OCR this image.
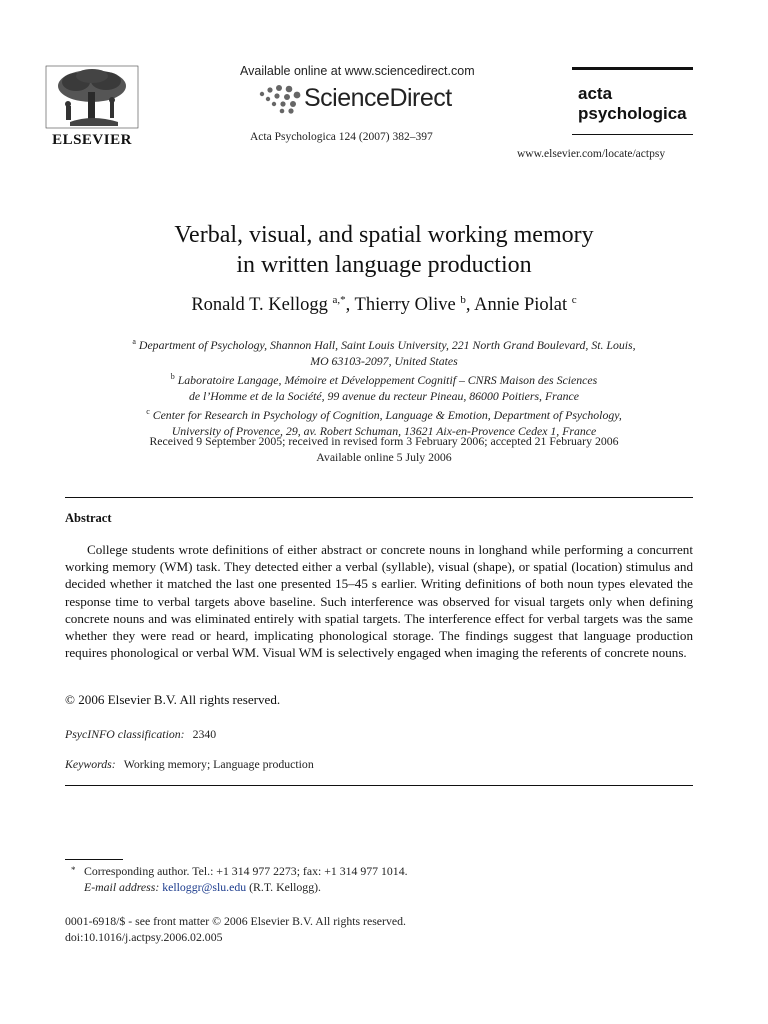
ELSEVIER
Available online at www.sciencedirect.com
ScienceDirect
Acta Psychologica 124 (2007) 382–397
acta
psychologica
www.elsevier.com/locate/actpsy
Verbal, visual, and spatial working memory
in written language production
Ronald T. Kellogg $^{a,*}$, Thierry Olive $^b$, Annie Piolat $^c$
$^a$ Department of Psychology, Shannon Hall, Saint Louis University, 221 North Grand Boulevard, St. Louis,
MO 63103-2097, United States
$^b$ Laboratoire Langage, Mémoire et Développement Cognitif – CNRS Maison des Sciences
de l’Homme et de la Société, 99 avenue du recteur Pineau, 86000 Poitiers, France
$^c$ Center for Research in Psychology of Cognition, Language & Emotion, Department of Psychology,
University of Provence, 29, av. Robert Schuman, 13621 Aix-en-Provence Cedex 1, France
Received 9 September 2005; received in revised form 3 February 2006; accepted 21 February 2006
Available online 5 July 2006
Abstract

College students wrote definitions of either abstract or concrete nouns in longhand while performing a concurrent working memory (WM) task. They detected either a verbal (syllable), visual (shape), or spatial (location) stimulus and decided whether it matched the last one presented 15–45 s earlier. Writing definitions of both noun types elevated the response time to verbal targets above baseline. Such interference was observed for visual targets only when defining concrete nouns and was eliminated entirely with spatial targets. The interference effect for verbal targets was the same whether they were read or heard, implicating phonological storage. The findings suggest that language production requires phonological or verbal WM. Visual WM is selectively engaged when imaging the referents of concrete nouns.

© 2006 Elsevier B.V. All rights reserved.
PsycINFO classification: 2340
Keywords: Working memory; Language production
* Corresponding author. Tel.: +1 314 977 2273; fax: +1 314 977 1014.
E-mail address: kelloggr@slu.edu (R.T. Kellogg).
0001-6918/$ - see front matter © 2006 Elsevier B.V. All rights reserved.
doi:10.1016/j.actpsy.2006.02.005
